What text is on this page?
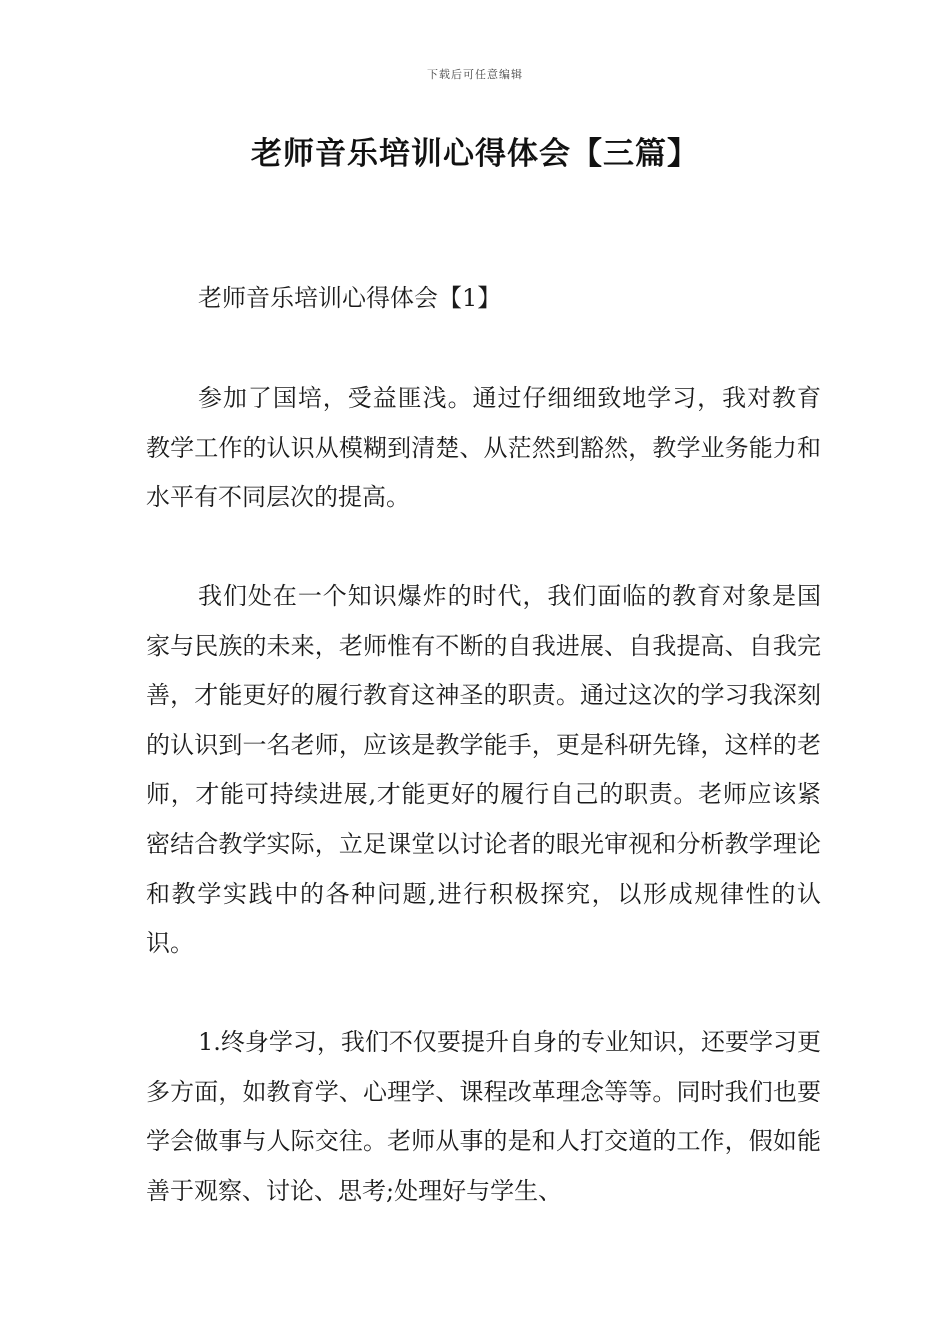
下载后可任意编辑
老师音乐培训心得体会【三篇】
老师音乐培训心得体会【1】

参加了国培，受益匪浅。通过仔细细致地学习，我对教育教学工作的认识从模糊到清楚、从茫然到豁然，教学业务能力和水平有不同层次的提高。

我们处在一个知识爆炸的时代，我们面临的教育对象是国家与民族的未来，老师惟有不断的自我进展、自我提高、自我完善，才能更好的履行教育这神圣的职责。通过这次的学习我深刻的认识到一名老师，应该是教学能手，更是科研先锋，这样的老师，才能可持续进展,才能更好的履行自己的职责。老师应该紧密结合教学实际，立足课堂以讨论者的眼光审视和分析教学理论和教学实践中的各种问题,进行积极探究，以形成规律性的认识。

1.终身学习，我们不仅要提升自身的专业知识，还要学习更多方面，如教育学、心理学、课程改革理念等等。同时我们也要学会做事与人际交往。老师从事的是和人打交道的工作，假如能善于观察、讨论、思考;处理好与学生、
